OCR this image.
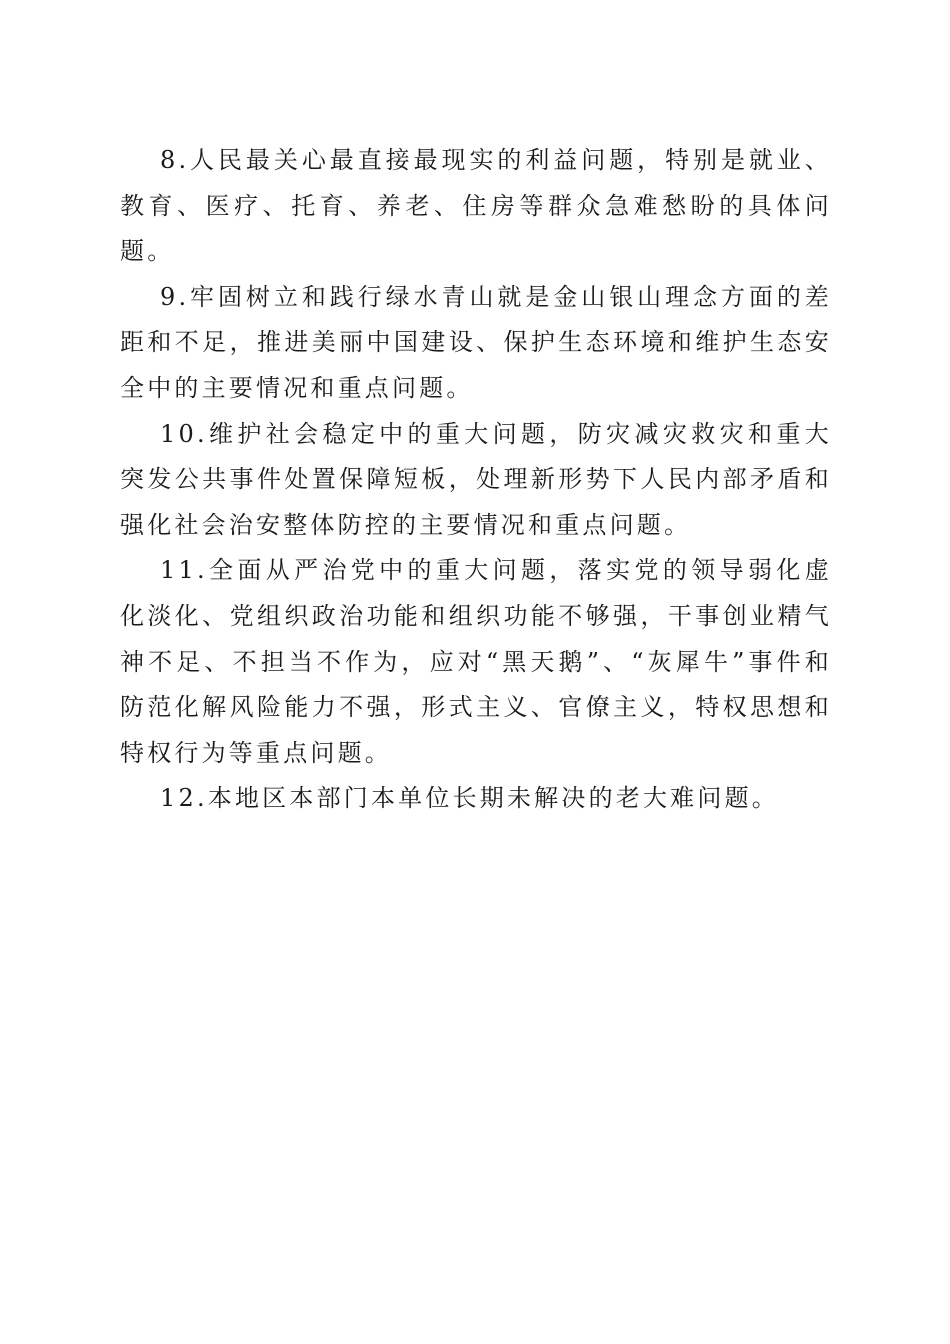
8.人民最关心最直接最现实的利益问题，特别是就业、教育、医疗、托育、养老、住房等群众急难愁盼的具体问题。

9.牢固树立和践行绿水青山就是金山银山理念方面的差距和不足，推进美丽中国建设、保护生态环境和维护生态安全中的主要情况和重点问题。

10.维护社会稳定中的重大问题，防灾减灾救灾和重大突发公共事件处置保障短板，处理新形势下人民内部矛盾和强化社会治安整体防控的主要情况和重点问题。

11.全面从严治党中的重大问题，落实党的领导弱化虚化淡化、党组织政治功能和组织功能不够强，干事创业精气神不足、不担当不作为，应对“黑天鹅”、“灰犀牛”事件和防范化解风险能力不强，形式主义、官僚主义，特权思想和特权行为等重点问题。

12.本地区本部门本单位长期未解决的老大难问题。
